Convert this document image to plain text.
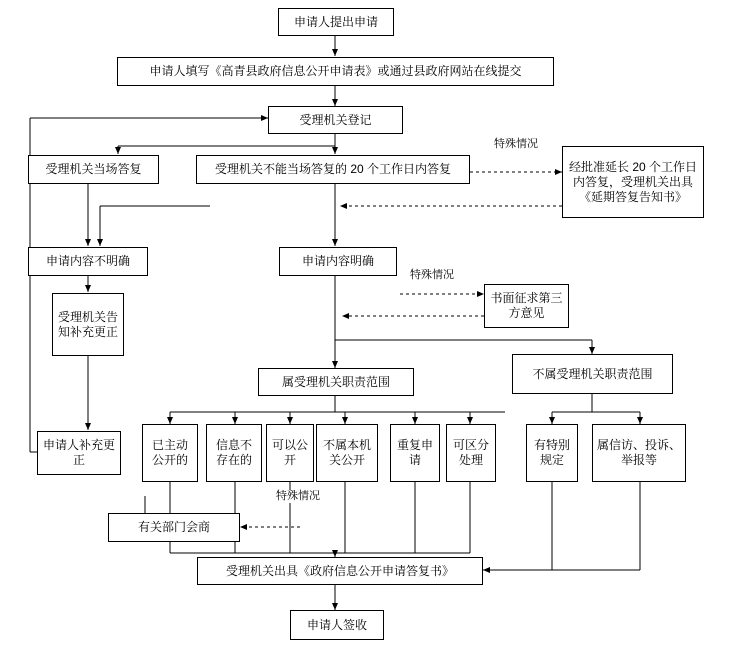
申请人提出申请
申请人填写《高青县政府信息公开申请表》或通过县政府网站在线提交
受理机关登记
受理机关当场答复	受理机关不能当场答复的 20 个工作日内答复	经批准延长 20 个工作日内答复，受理机关出具《延期答复告知书》
申请内容不明确	申请内容明确
书面征求第三方意见
受理机关告知补充更正
申请人补充更正
属受理机关职责范围
不属受理机关职责范围
已主动公开的
信息不存在的
可以公开
不属本机关公开
重复申请
可区分处理
有特别规定
属信访、投诉、举报等
有关部门会商
受理机关出具《政府信息公开申请答复书》
申请人签收
特殊情况
特殊情况
特殊情况
